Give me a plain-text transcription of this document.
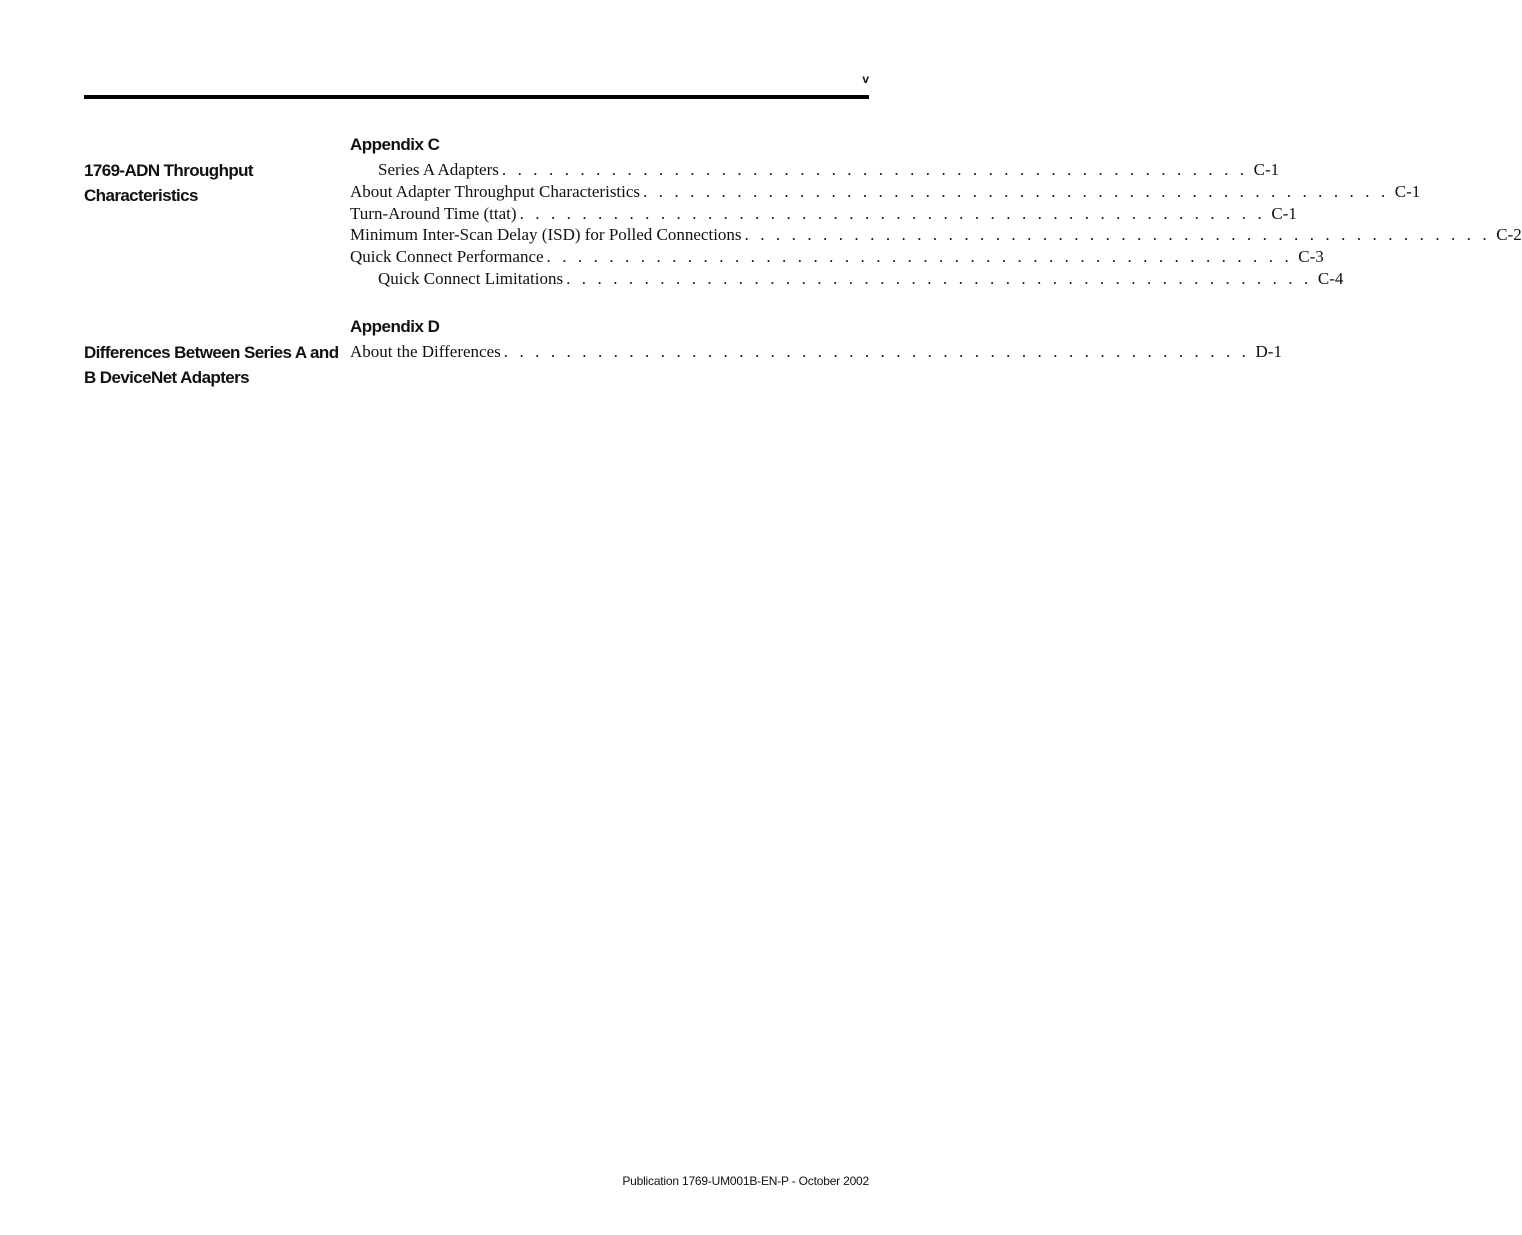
v
1769-ADN Throughput Characteristics
Appendix C
Series A Adapters . . . . . . . . . . . . . . . . . . . . . . . . . . . . . . . . . . . . . . . . . . . . . . . . C-1
About Adapter Throughput Characteristics . . . . . . . . . . . . . . . . . . . . . . . . . . . . . . . . . . . . . . . . . . . . . . . . C-1
Turn-Around Time (ttat) . . . . . . . . . . . . . . . . . . . . . . . . . . . . . . . . . . . . . . . . . . . . . . . . C-1
Minimum Inter-Scan Delay (ISD) for Polled Connections . . . . . . . . . . . . . . . . . . . . . . . . . . . . . . . . . . . . . . . . . . . . . . . . C-2
Quick Connect Performance . . . . . . . . . . . . . . . . . . . . . . . . . . . . . . . . . . . . . . . . . . . . . . . . C-3
Quick Connect Limitations . . . . . . . . . . . . . . . . . . . . . . . . . . . . . . . . . . . . . . . . . . . . . . . . C-4
Differences Between Series A and B DeviceNet Adapters
Appendix D
About the Differences . . . . . . . . . . . . . . . . . . . . . . . . . . . . . . . . . . . . . . . . . . . . . . . . D-1
Publication 1769-UM001B-EN-P - October 2002
